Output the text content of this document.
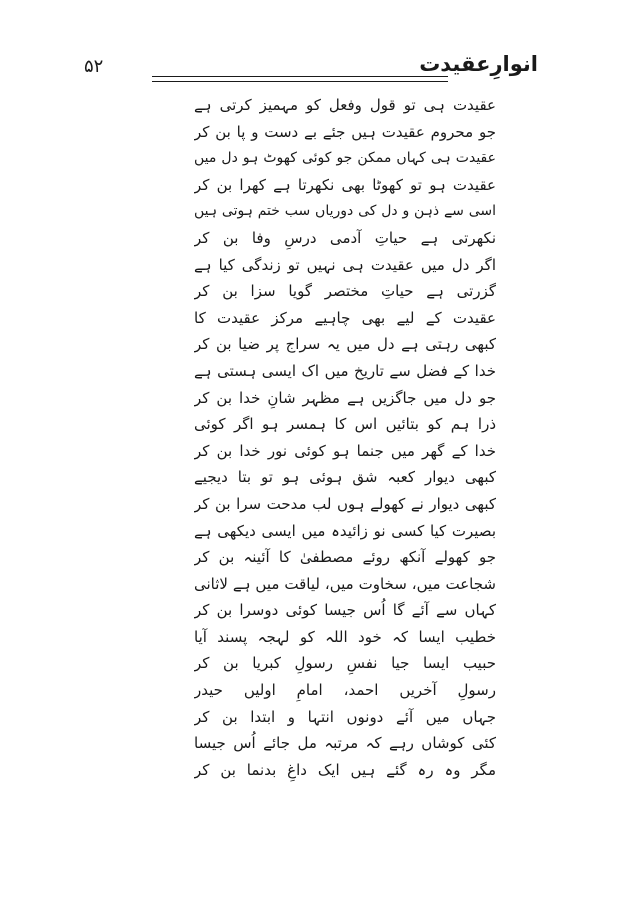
۵۲	انوارِعقیدت
عقیدت ہی تو قول وفعل کو مہمیز کرتی ہے
جو محروم عقیدت ہیں جئے بے دست و پا بن کر
عقیدت ہی کہاں ممکن جو کوئی کھوٹ ہو دل میں
عقیدت ہو تو کھوٹا بھی نکھرتا ہے کھرا بن کر
اسی سے ذہن و دل کی دوریاں سب ختم ہوتی ہیں
نکھرتی ہے حیاتِ آدمی درسِ وفا بن کر
اگر دل میں عقیدت ہی نہیں تو زندگی کیا ہے
گزرتی ہے حیاتِ مختصر گویا سزا بن کر
عقیدت کے لیے بھی چاہیے مرکز عقیدت کا
کبھی رہتی ہے دل میں یہ سراج پر ضیا بن کر
خدا کے فضل سے تاریخ میں اک ایسی ہستی ہے
جو دل میں جاگزیں ہے مظہر شانِ خدا بن کر
ذرا ہم کو بتائیں اس کا ہمسر ہو اگر کوئی
خدا کے گھر میں جنما ہو کوئی نور خدا بن کر
کبھی دیوار کعبہ شق ہوئی ہو تو بتا دیجیے
کبھی دیوار نے کھولے ہوں لب مدحت سرا بن کر
بصیرت کیا کسی نو زائیدہ میں ایسی دیکھی ہے
جو کھولے آنکھ روئے مصطفیٰ کا آئینہ بن کر
شجاعت میں، سخاوت میں، لیاقت میں ہے لاثانی
کہاں سے آئے گا اُس جیسا کوئی دوسرا بن کر
خطیب ایسا کہ خود اللہ کو لہجہ پسند آیا
حبیب ایسا جیا نفسِ رسولِ کبریا بن کر
رسولِ آخریں احمد، امامِ اولیں حیدر
جہاں میں آئے دونوں انتہا و ابتدا بن کر
کئی کوشاں رہے کہ مرتبہ مل جائے اُس جیسا
مگر وہ رہ گئے ہیں ایک داغِ بدنما بن کر
